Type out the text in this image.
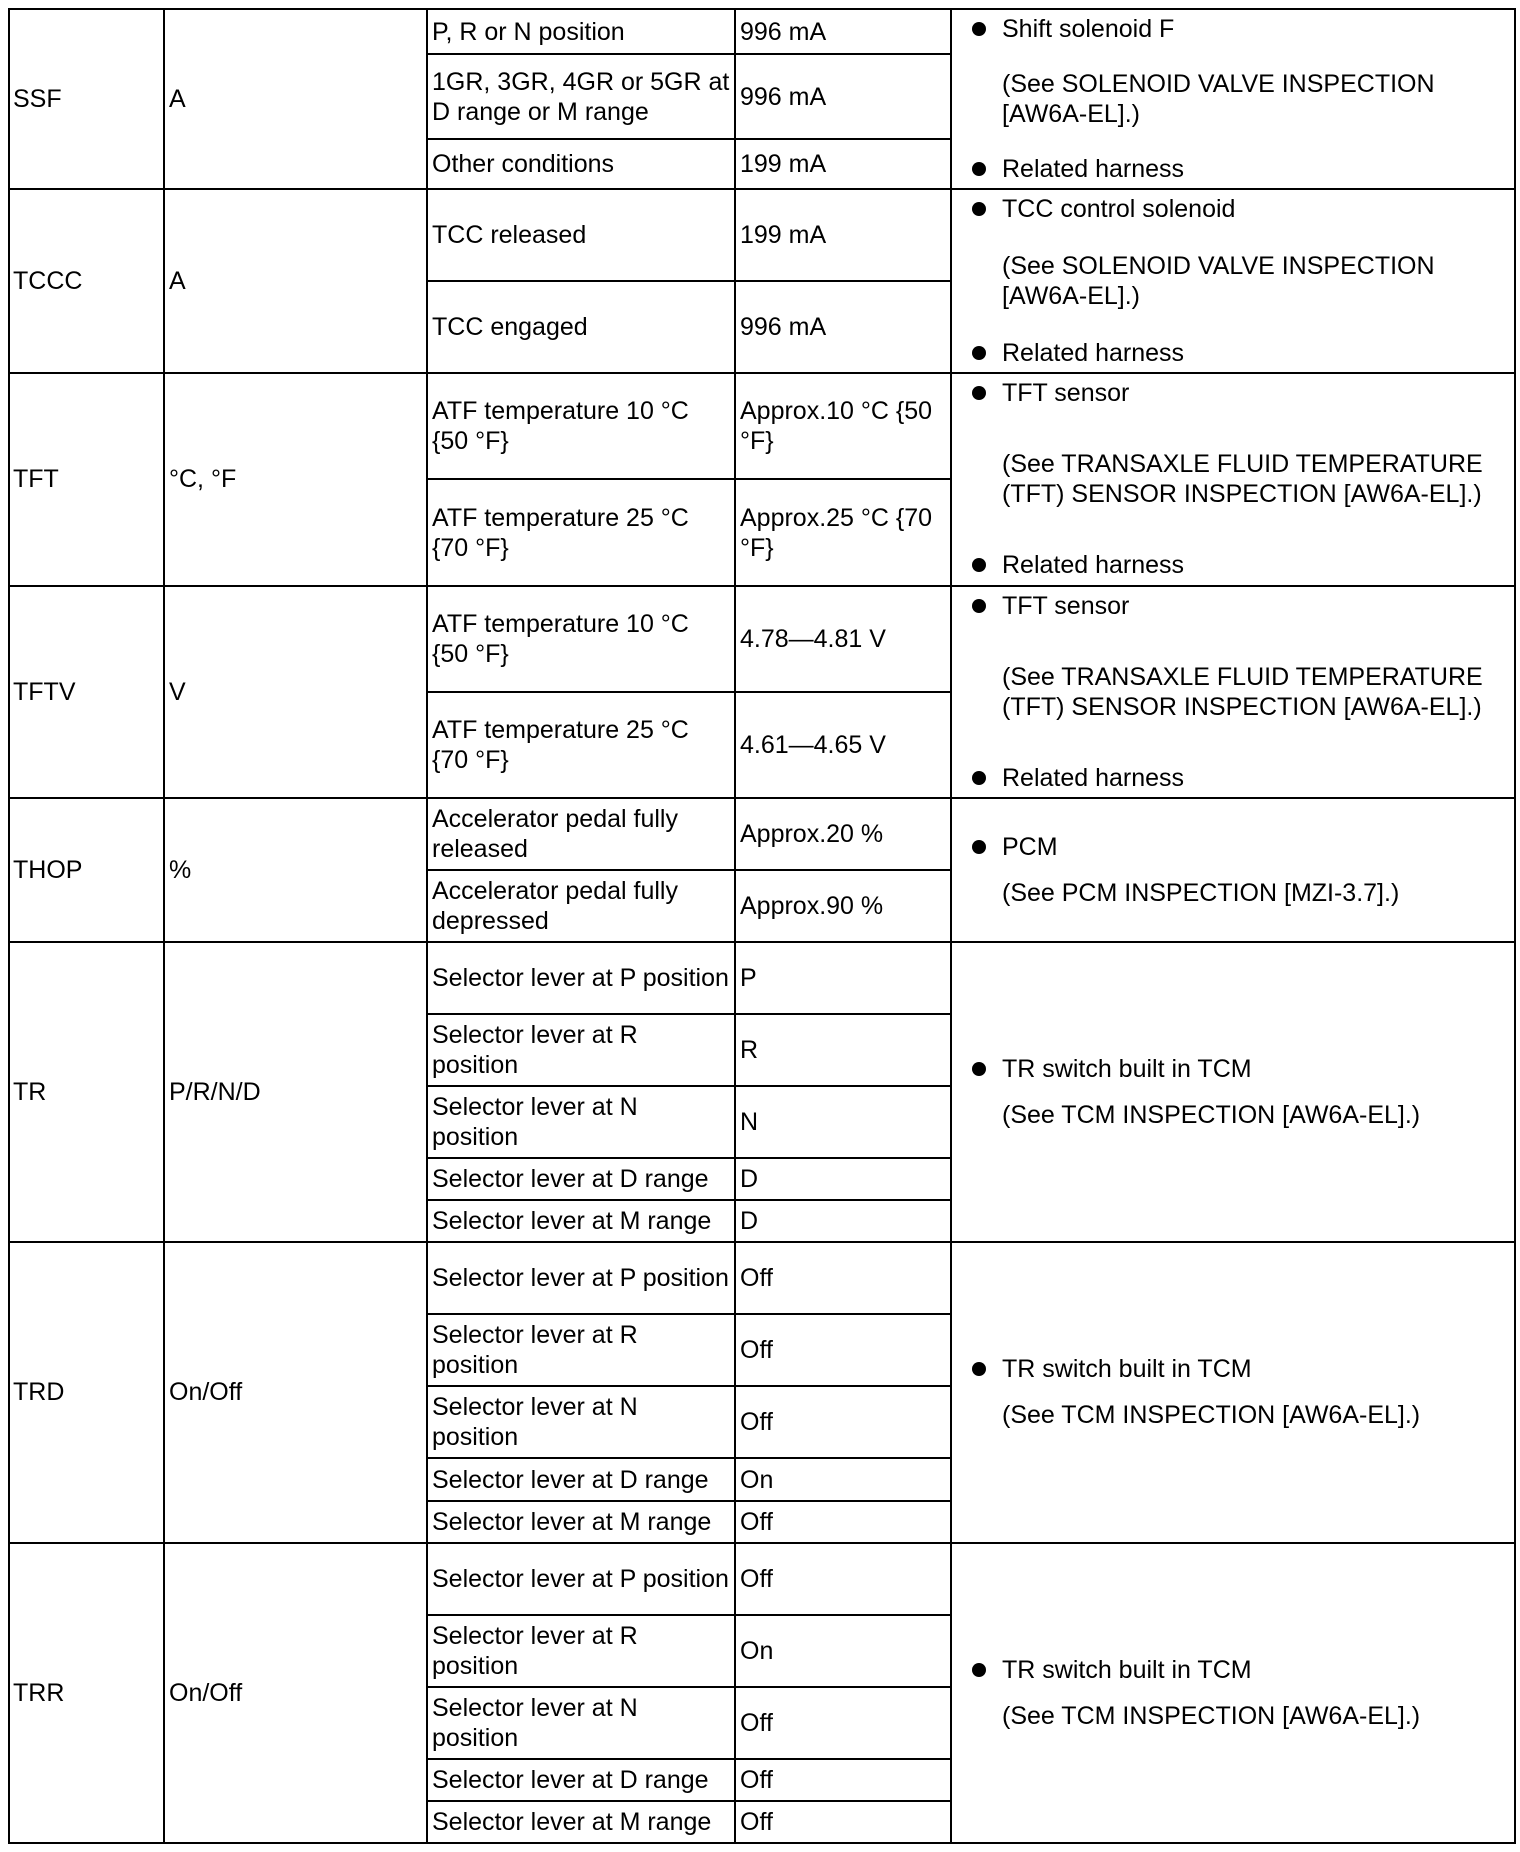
SSF	A	P, R or N position	996 mA	Shift solenoid F
(See SOLENOID VALVE INSPECTION [AW6A-EL].)
Related harness

		1GR, 3GR, 4GR or 5GR at D range or M range	996 mA	
		Other conditions	199 mA	
TCCC	A	TCC released	199 mA	TCC control solenoid
(See SOLENOID VALVE INSPECTION [AW6A-EL].)
Related harness

		TCC engaged	996 mA	
TFT	°C, °F	ATF temperature 10 °C {50 °F}	Approx.10 °C {50 °F}	TFT sensor
(See TRANSAXLE FLUID TEMPERATURE (TFT) SENSOR INSPECTION [AW6A-EL].)
Related harness

		ATF temperature 25 °C {70 °F}	Approx.25 °C {70 °F}	
TFTV	V	ATF temperature 10 °C {50 °F}	4.78—4.81 V	TFT sensor
(See TRANSAXLE FLUID TEMPERATURE (TFT) SENSOR INSPECTION [AW6A-EL].)
Related harness

		ATF temperature 25 °C {70 °F}	4.61—4.65 V	
THOP	%	Accelerator pedal fully released	Approx.20 %	PCM
(See PCM INSPECTION [MZI-3.7].)

		Accelerator pedal fully depressed	Approx.90 %	
TR	P/R/N/D	Selector lever at P position	P	TR switch built in TCM
(See TCM INSPECTION [AW6A-EL].)

		Selector lever at R position	R	
		Selector lever at N position	N	
		Selector lever at D range	D	
		Selector lever at M range	D	
TRD	On/Off	Selector lever at P position	Off	TR switch built in TCM
(See TCM INSPECTION [AW6A-EL].)

		Selector lever at R position	Off	
		Selector lever at N position	Off	
		Selector lever at D range	On	
		Selector lever at M range	Off	
TRR	On/Off	Selector lever at P position	Off	TR switch built in TCM
(See TCM INSPECTION [AW6A-EL].)

		Selector lever at R position	On	
		Selector lever at N position	Off	
		Selector lever at D range	Off	
		Selector lever at M range	Off	
